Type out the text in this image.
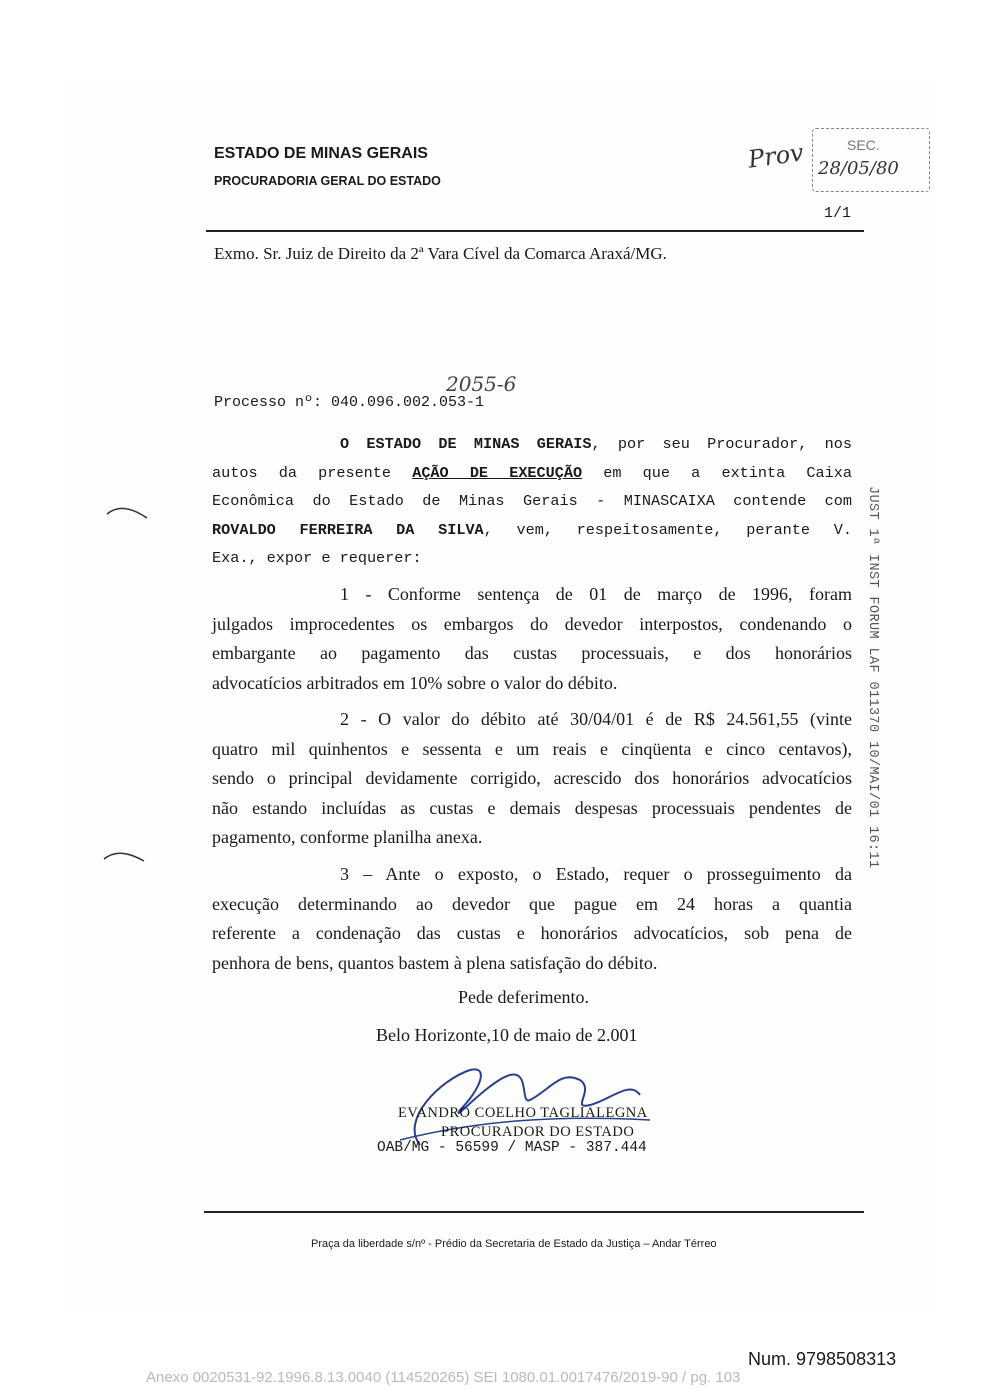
ESTADO DE MINAS GERAIS

PROCURADORIA GERAL DO ESTADO

1/1

SEC.
Prov 28/05/80

Exmo. Sr. Juiz de Direito da 2ª Vara Cível da Comarca Araxá/MG.

2055-6

Processo nº: 040.096.002.053-1

O ESTADO DE MINAS GERAIS, por seu Procurador, nos
autos da presente AÇÃO DE EXECUÇÃO em que a extinta Caixa
Econômica do Estado de Minas Gerais - MINASCAIXA contende com
ROVALDO FERREIRA DA SILVA, vem, respeitosamente, perante V.
Exa., expor e requerer:
1 - Conforme sentença de 01 de março de 1996, foram
julgados improcedentes os embargos do devedor interpostos, condenando o
embargante ao pagamento das custas processuais, e dos honorários
advocatícios arbitrados em 10% sobre o valor do débito.
2 - O valor do débito até 30/04/01 é de R$ 24.561,55 (vinte
quatro mil quinhentos e sessenta e um reais e cinqüenta e cinco centavos),
sendo o principal devidamente corrigido, acrescido dos honorários advocatícios
não estando incluídas as custas e demais despesas processuais pendentes de
pagamento, conforme planilha anexa.
3 – Ante o exposto, o Estado, requer o prosseguimento da
execução determinando ao devedor que pague em 24 horas a quantia
referente a condenação das custas e honorários advocatícios, sob pena de
penhora de bens, quantos bastem à plena satisfação do débito.

Pede deferimento.

Belo Horizonte,10 de maio de 2.001

EVANDRO COELHO TAGLIALEGNA

PROCURADOR DO ESTADO

OAB/MG - 56599 / MASP - 387.444

Praça da liberdade s/nº - Prédio da Secretaria de Estado da Justiça – Andar Térreo

JUST 1ª INST FORUM LAF 011370 10/MAI/01 16:11

Num. 9798508313

Anexo 0020531-92.1996.8.13.0040 (114520265) SEI 1080.01.0017476/2019-90 / pg. 103
